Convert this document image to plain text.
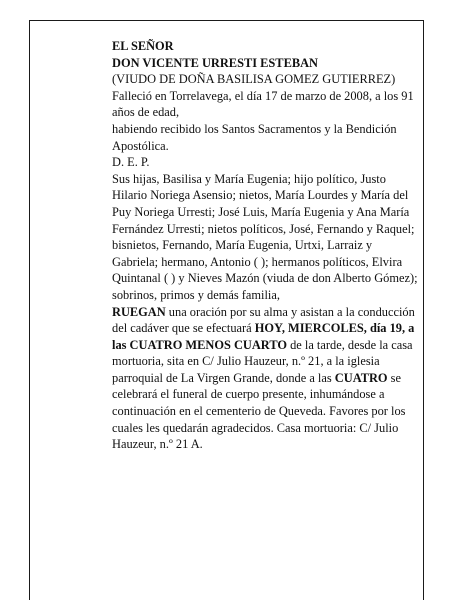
EL SEÑOR

DON VICENTE URRESTI ESTEBAN

(VIUDO DE DOÑA BASILISA GOMEZ GUTIERREZ)

Falleció en Torrelavega, el día 17 de marzo de 2008, a los 91 años de edad,

habiendo recibido los Santos Sacramentos y la Bendición Apostólica.

D. E. P.

Sus hijas, Basilisa y María Eugenia; hijo político, Justo Hilario Noriega Asensio; nietos, María Lourdes y María del Puy Noriega Urresti; José Luis, María Eugenia y Ana María Fernández Urresti; nietos políticos, José, Fernando y Raquel; bisnietos, Fernando, María Eugenia, Urtxi, Larraiz y Gabriela; hermano, Antonio ( ); hermanos políticos, Elvira Quintanal ( ) y Nieves Mazón (viuda de don Alberto Gómez); sobrinos, primos y demás familia,

RUEGAN una oración por su alma y asistan a la conducción del cadáver que se efectuará HOY, MIERCOLES, día 19, a las CUATRO MENOS CUARTO de la tarde, desde la casa mortuoria, sita en C/ Julio Hauzeur, n.º 21, a la iglesia parroquial de La Virgen Grande, donde a las CUATRO se celebrará el funeral de cuerpo presente, inhumándose a continuación en el cementerio de Queveda. Favores por los cuales les quedarán agradecidos. Casa mortuoria: C/ Julio Hauzeur, n.º 21 A.
